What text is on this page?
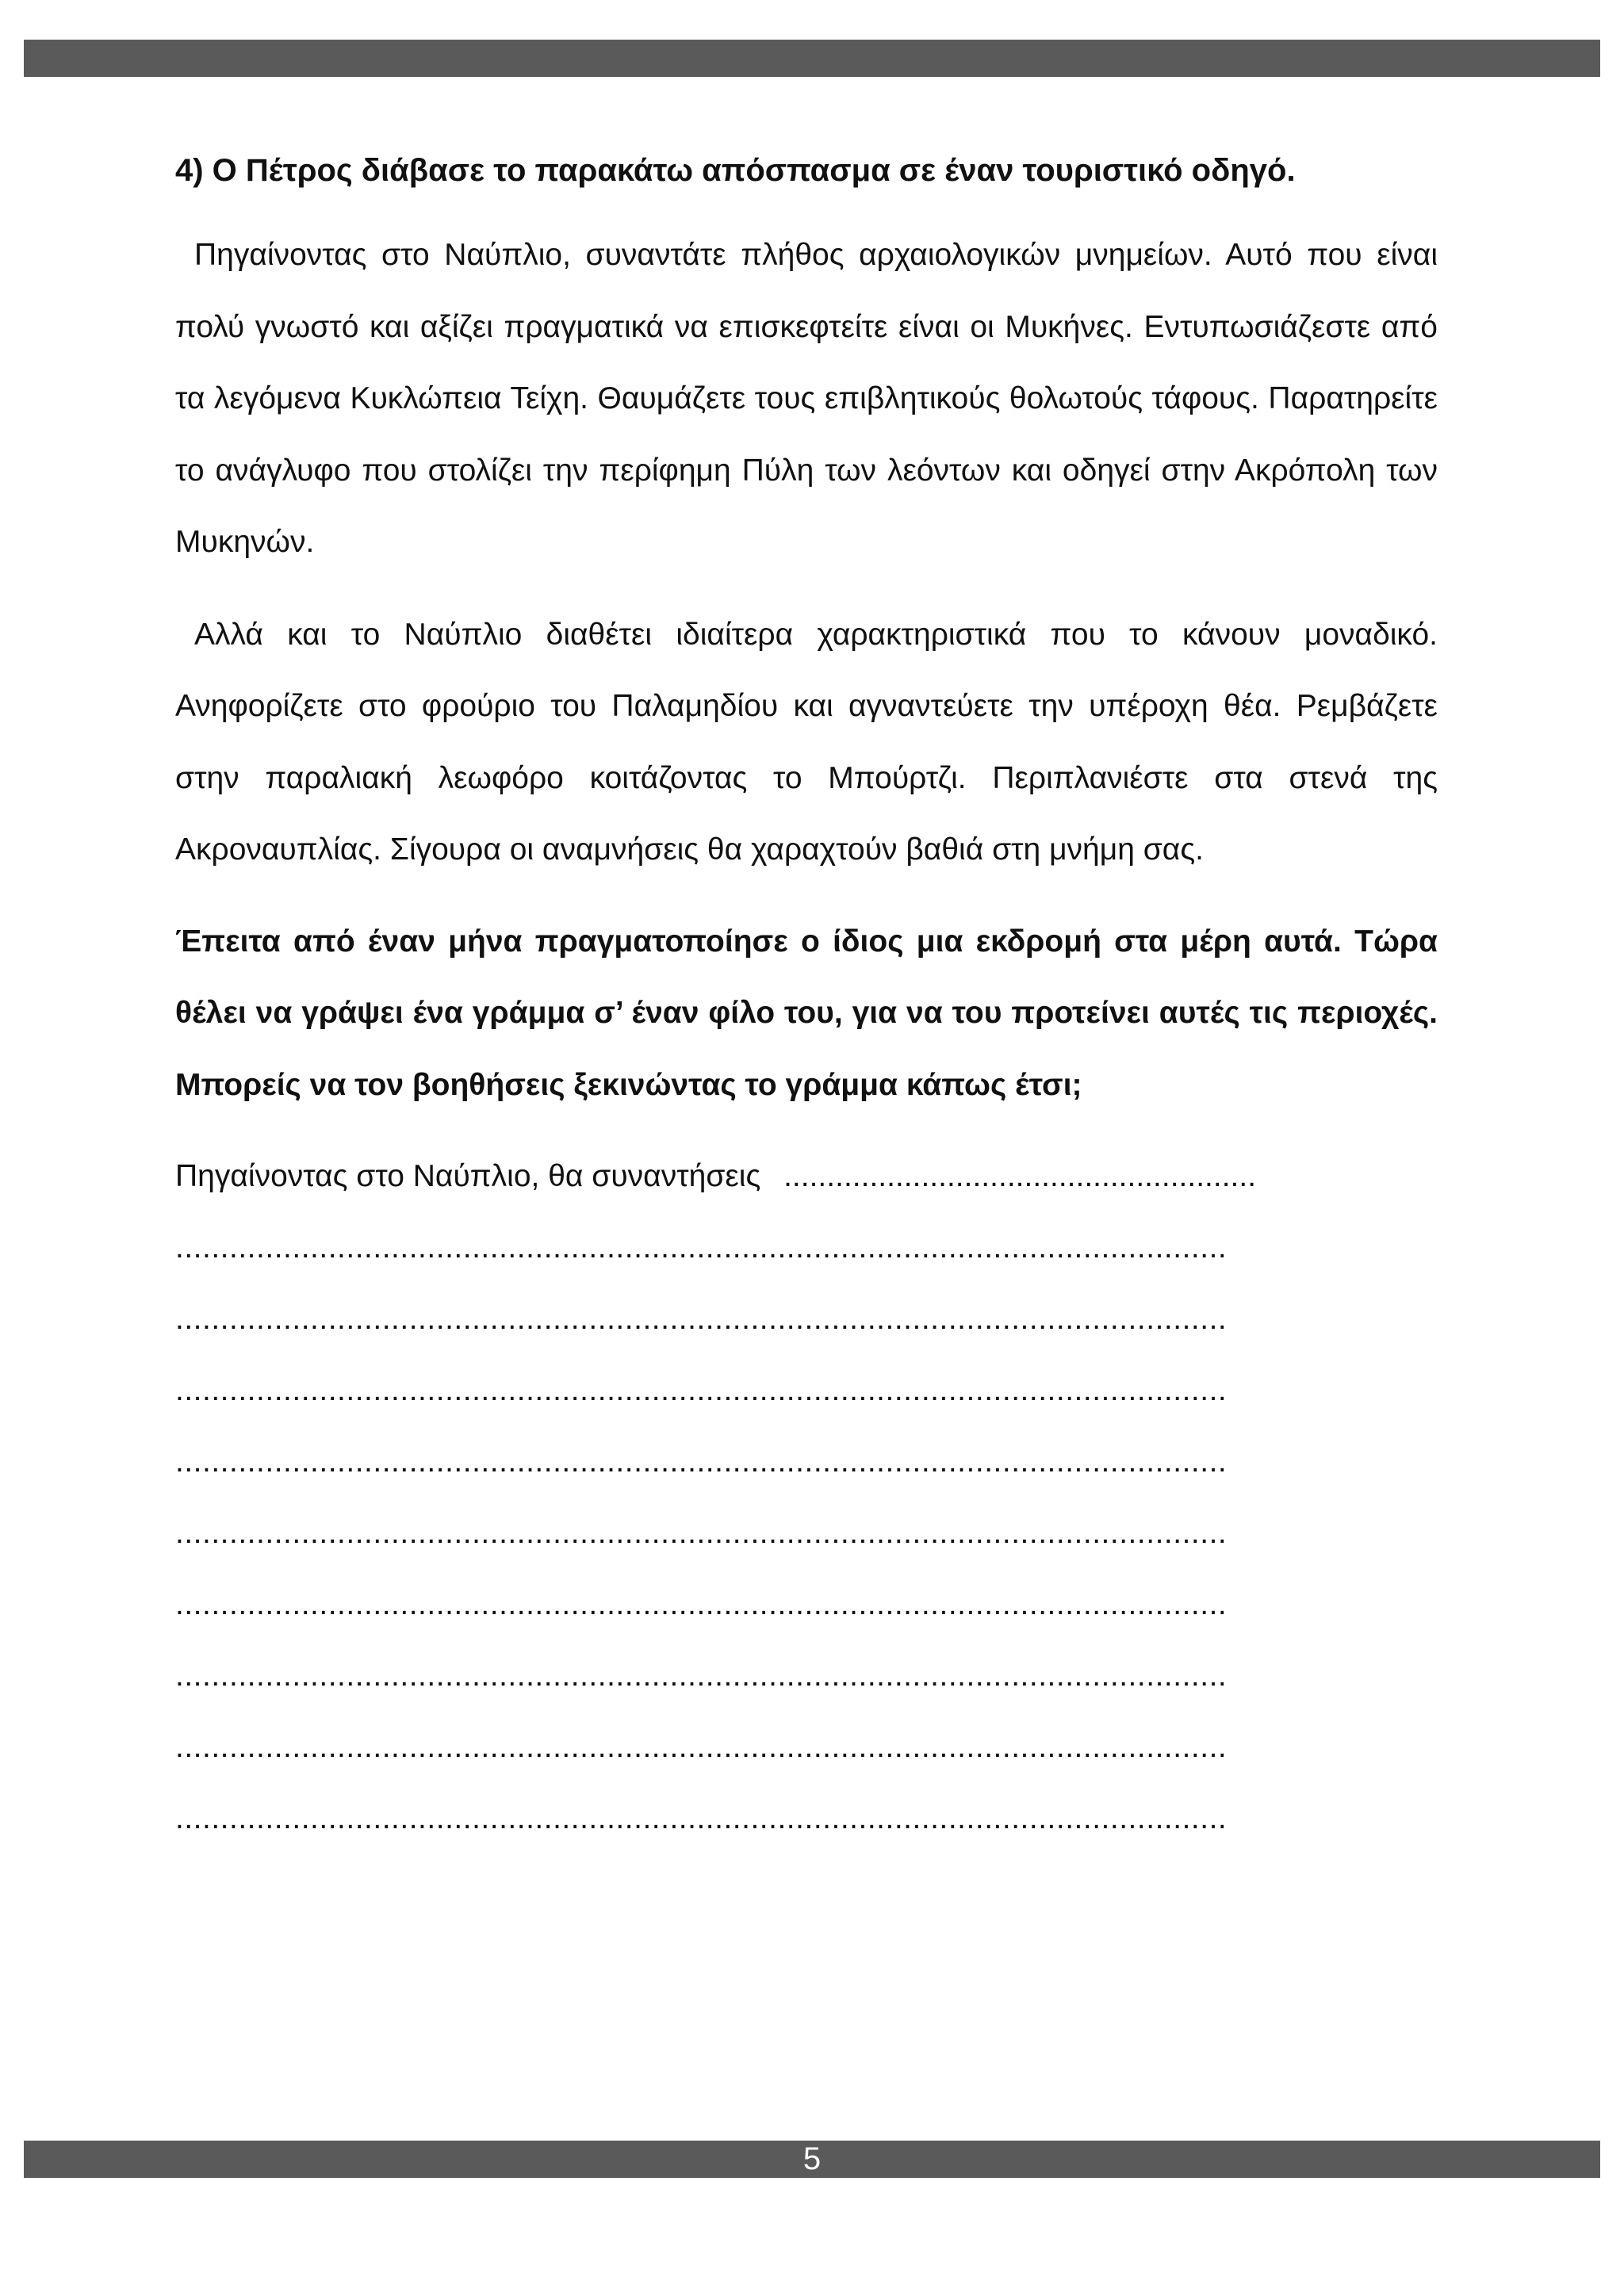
4) Ο Πέτρος διάβασε το παρακάτω απόσπασμα σε έναν τουριστικό οδηγό.

Πηγαίνοντας στο Ναύπλιο, συναντάτε πλήθος αρχαιολογικών μνημείων. Αυτό που είναι πολύ γνωστό και αξίζει πραγματικά να επισκεφτείτε είναι οι Μυκήνες. Εντυπωσιάζεστε από τα λεγόμενα Κυκλώπεια Τείχη. Θαυμάζετε τους επιβλητικούς θολωτούς τάφους. Παρατηρείτε το ανάγλυφο που στολίζει την περίφημη Πύλη των λεόντων και οδηγεί στην Ακρόπολη των Μυκηνών.

Αλλά και το Ναύπλιο διαθέτει ιδιαίτερα χαρακτηριστικά που το κάνουν μοναδικό. Ανηφορίζετε στο φρούριο του Παλαμηδίου και αγναντεύετε την υπέροχη θέα. Ρεμβάζετε στην παραλιακή λεωφόρο κοιτάζοντας το Μπούρτζι. Περιπλανιέστε στα στενά της Ακροναυπλίας. Σίγουρα οι αναμνήσεις θα χαραχτούν βαθιά στη μνήμη σας.

Έπειτα από έναν μήνα πραγματοποίησε ο ίδιος μια εκδρομή στα μέρη αυτά. Τώρα θέλει να γράψει ένα γράμμα σ’ έναν φίλο του, για να του προτείνει αυτές τις περιοχές. Μπορείς να τον βοηθήσεις ξεκινώντας το γράμμα κάπως έτσι;

Πηγαίνοντας στο Ναύπλιο, θα συναντήσεις .......................................................
.....................................................................................................................
.....................................................................................................................
.....................................................................................................................
.....................................................................................................................
.....................................................................................................................
.....................................................................................................................
.....................................................................................................................
.....................................................................................................................
.....................................................................................................................
5
